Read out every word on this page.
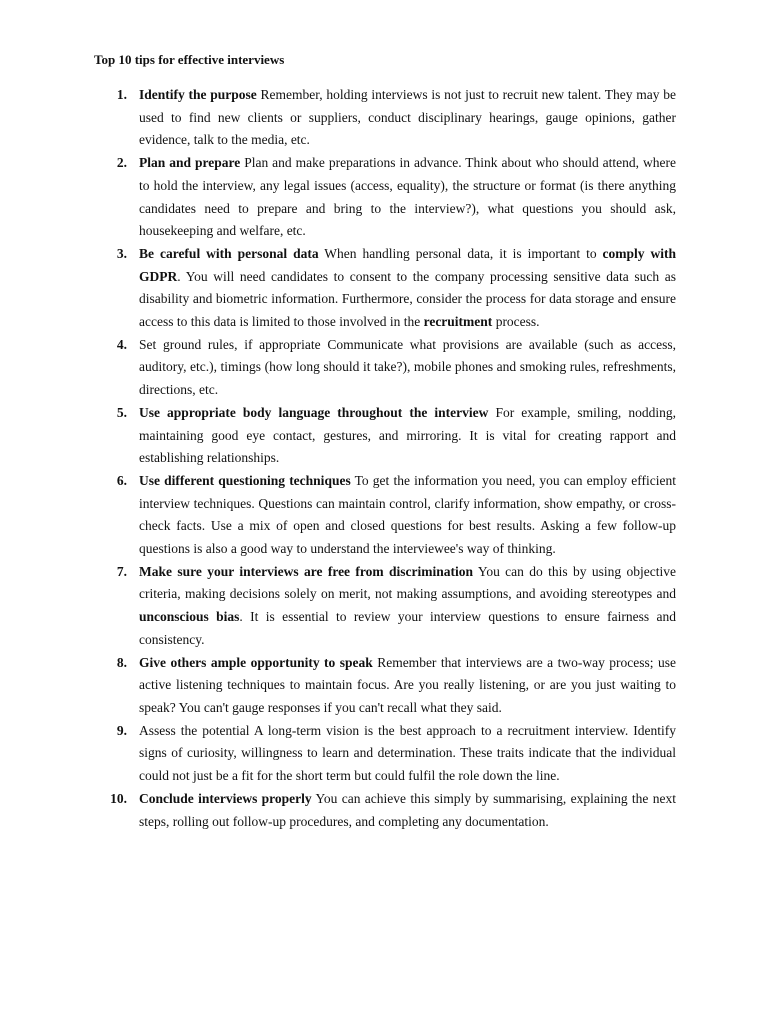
Top 10 tips for effective interviews
1. Identify the purpose Remember, holding interviews is not just to recruit new talent. They may be used to find new clients or suppliers, conduct disciplinary hearings, gauge opinions, gather evidence, talk to the media, etc.
2. Plan and prepare Plan and make preparations in advance. Think about who should attend, where to hold the interview, any legal issues (access, equality), the structure or format (is there anything candidates need to prepare and bring to the interview?), what questions you should ask, housekeeping and welfare, etc.
3. Be careful with personal data When handling personal data, it is important to comply with GDPR. You will need candidates to consent to the company processing sensitive data such as disability and biometric information. Furthermore, consider the process for data storage and ensure access to this data is limited to those involved in the recruitment process.
4. Set ground rules, if appropriate Communicate what provisions are available (such as access, auditory, etc.), timings (how long should it take?), mobile phones and smoking rules, refreshments, directions, etc.
5. Use appropriate body language throughout the interview For example, smiling, nodding, maintaining good eye contact, gestures, and mirroring. It is vital for creating rapport and establishing relationships.
6. Use different questioning techniques To get the information you need, you can employ efficient interview techniques. Questions can maintain control, clarify information, show empathy, or cross-check facts. Use a mix of open and closed questions for best results. Asking a few follow-up questions is also a good way to understand the interviewee's way of thinking.
7. Make sure your interviews are free from discrimination You can do this by using objective criteria, making decisions solely on merit, not making assumptions, and avoiding stereotypes and unconscious bias. It is essential to review your interview questions to ensure fairness and consistency.
8. Give others ample opportunity to speak Remember that interviews are a two-way process; use active listening techniques to maintain focus. Are you really listening, or are you just waiting to speak? You can't gauge responses if you can't recall what they said.
9. Assess the potential A long-term vision is the best approach to a recruitment interview. Identify signs of curiosity, willingness to learn and determination. These traits indicate that the individual could not just be a fit for the short term but could fulfil the role down the line.
10. Conclude interviews properly You can achieve this simply by summarising, explaining the next steps, rolling out follow-up procedures, and completing any documentation.
